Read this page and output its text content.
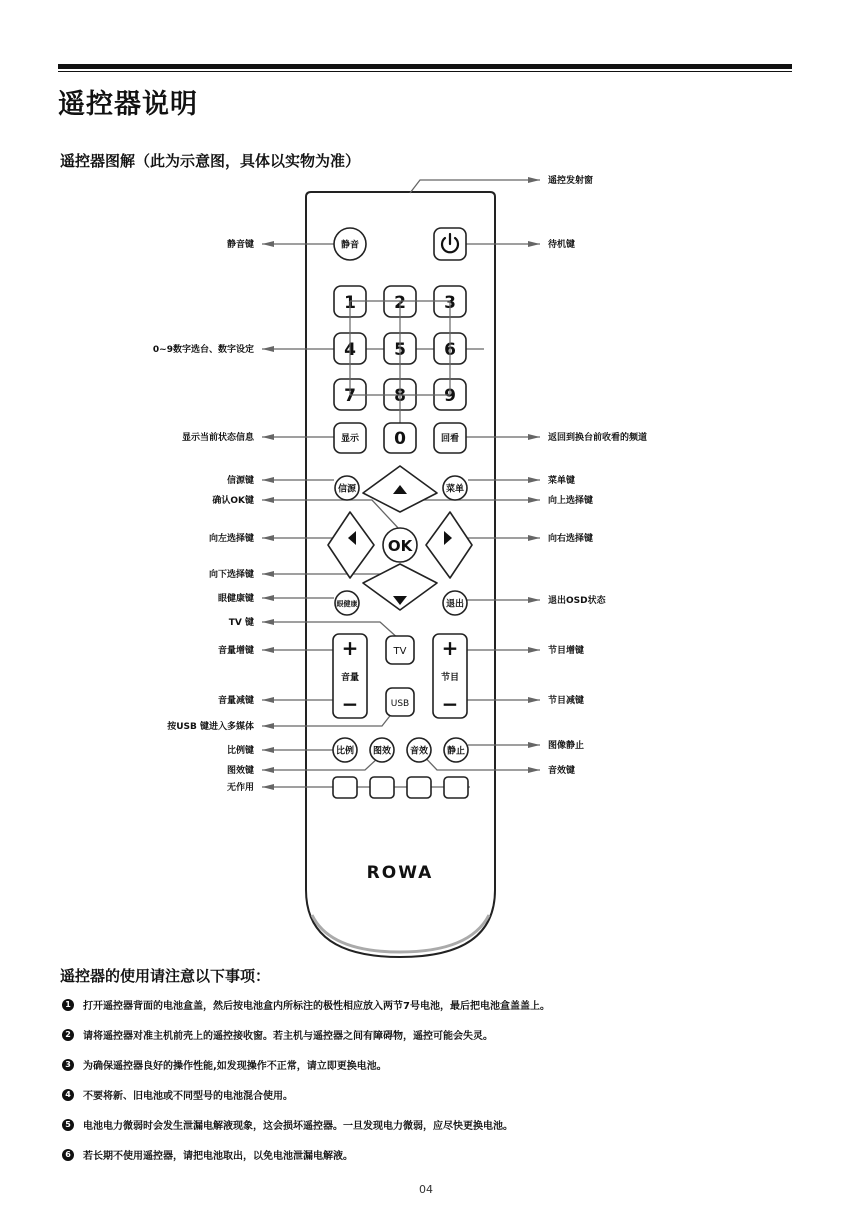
遥控器说明
遥控器图解（此为示意图，具体以实物为准）
静音
1 2 3
4 5 6
7 8 9
显示 0	回看
OK
信源	菜单
眼健康	退出
+
音量
−
+
节目
−
TV
USB
比例 图效 音效 静止
ROWA
静音键
0~9数字选台、数字设定
显示当前状态信息
信源键
确认OK键
向左选择键
向下选择键
眼健康键
TV 键
音量增键
音量减键
按USB 键进入多媒体
比例键
图效键
无作用
遥控发射窗
待机键
返回到换台前收看的频道
菜单键
向上选择键
向右选择键
退出OSD状态
节目增键
节目减键
图像静止
音效键
遥控器的使用请注意以下事项：
1	打开遥控器背面的电池盒盖，然后按电池盒内所标注的极性相应放入两节7号电池，最后把电池盒盖盖上。
2	请将遥控器对准主机前壳上的遥控接收窗。若主机与遥控器之间有障碍物，遥控可能会失灵。
3	为确保遥控器良好的操作性能,如发现操作不正常，请立即更换电池。
4	不要将新、旧电池或不同型号的电池混合使用。
5	电池电力微弱时会发生泄漏电解液现象，这会损坏遥控器。一旦发现电力微弱，应尽快更换电池。
6	若长期不使用遥控器，请把电池取出，以免电池泄漏电解液。
04
